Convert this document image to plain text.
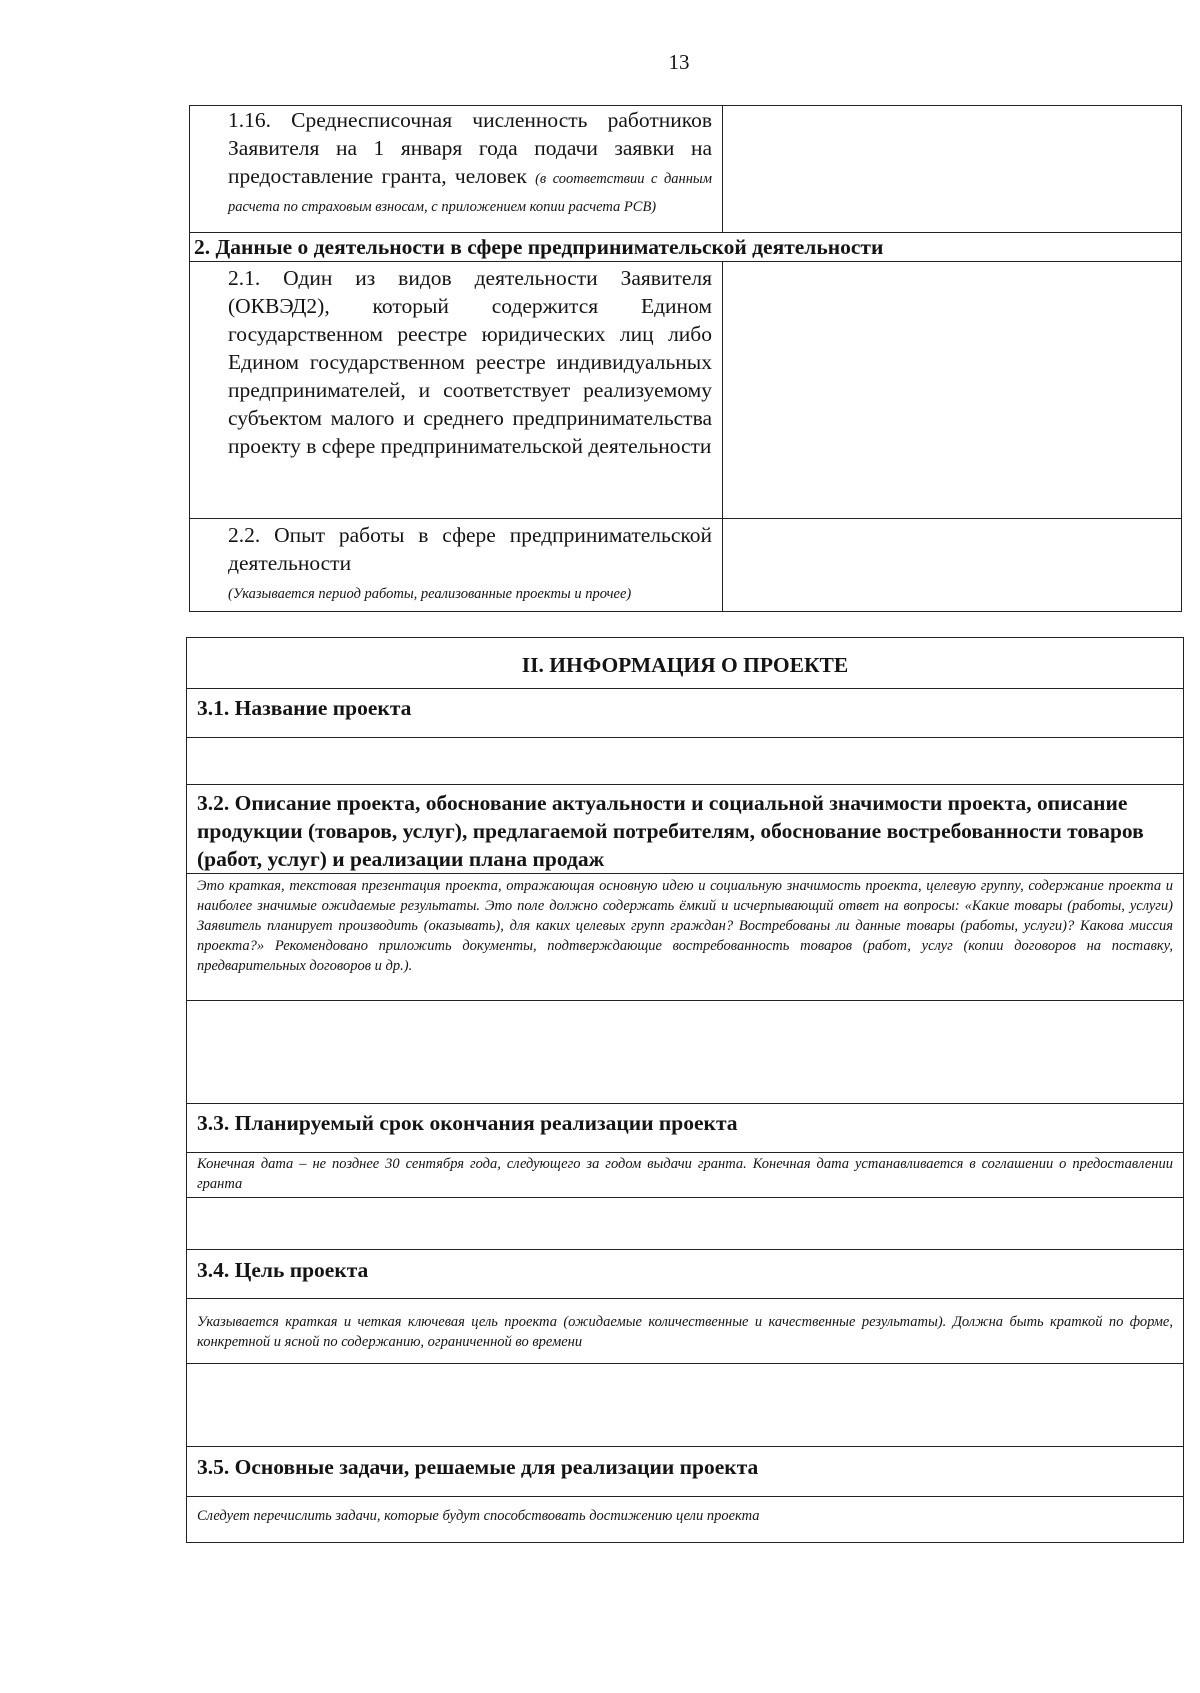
13
1.16. Среднесписочная численность работников Заявителя на 1 января года подачи заявки на предоставление гранта, человек (в соответствии с данным расчета по страховым взносам, с приложением копии расчета РСВ)	

2. Данные о деятельности в сфере предпринимательской деятельности	

2.1. Один из видов деятельности Заявителя (ОКВЭД2), который содержится Едином государственном реестре юридических лиц либо Едином государственном реестре индивидуальных предпринимателей, и соответствует реализуемому субъектом малого и среднего предпринимательства проекту в сфере предпринимательской деятельности	

2.2. Опыт работы в сфере предпринимательской деятельности
(Указывается период работы, реализованные проекты и прочее)	

II. ИНФОРМАЦИЯ О ПРОЕКТЕ
3.1. Название проекта
3.2. Описание проекта, обоснование актуальности и социальной значимости проекта, описание продукции (товаров, услуг), предлагаемой потребителям, обоснование востребованности товаров (работ, услуг) и реализации плана продаж
Это краткая, текстовая презентация проекта, отражающая основную идею и социальную значимость проекта, целевую группу, содержание проекта и наиболее значимые ожидаемые результаты. Это поле должно содержать ёмкий и исчерпывающий ответ на вопросы: «Какие товары (работы, услуги) Заявитель планирует производить (оказывать), для каких целевых групп граждан? Востребованы ли данные товары (работы, услуги)? Какова миссия проекта?» Рекомендовано приложить документы, подтверждающие востребованность товаров (работ, услуг (копии договоров на поставку, предварительных договоров и др.).
3.3. Планируемый срок окончания реализации проекта
Конечная дата – не позднее 30 сентября года, следующего за годом выдачи гранта. Конечная дата устанавливается в соглашении о предоставлении гранта
3.4. Цель проекта
Указывается краткая и четкая ключевая цель проекта (ожидаемые количественные и качественные результаты). Должна быть краткой по форме, конкретной и ясной по содержанию, ограниченной во времени
3.5. Основные задачи, решаемые для реализации проекта
Следует перечислить задачи, которые будут способствовать достижению цели проекта
